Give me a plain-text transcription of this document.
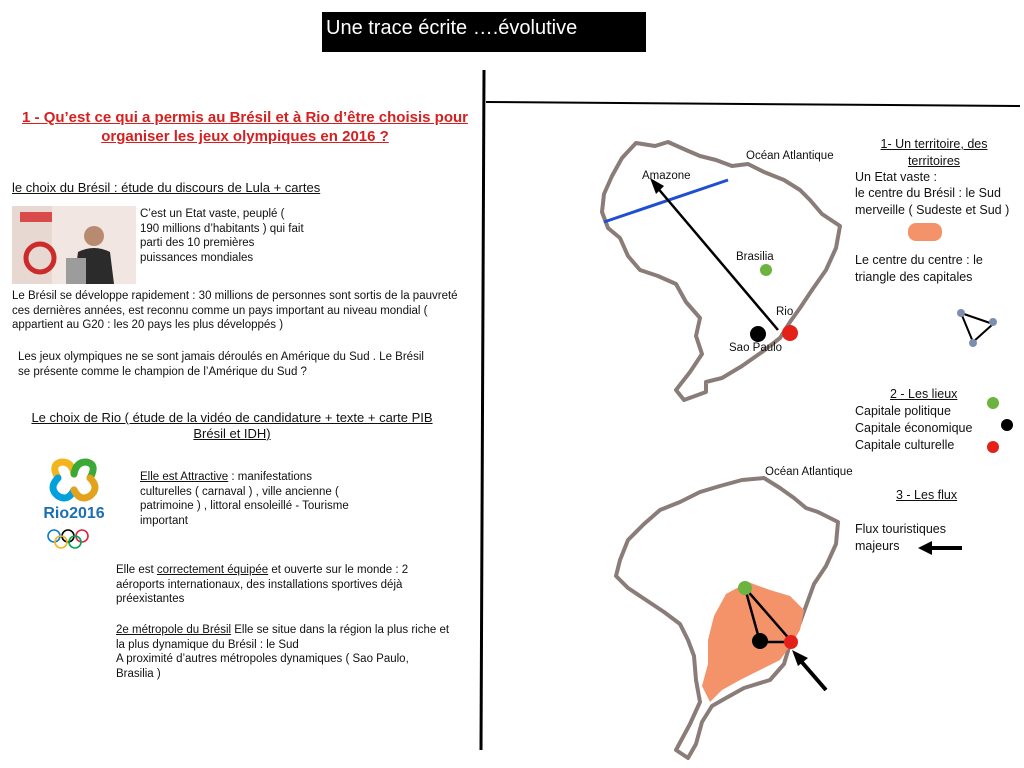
Une trace écrite ….évolutive
1 - Qu’est ce qui a permis au Brésil et à Rio d’être choisis pour organiser les jeux olympiques en 2016 ?
le choix du Brésil : étude du discours de Lula + cartes
C’est un Etat vaste, peuplé ( 190 millions d’habitants ) qui fait parti des 10 premières puissances mondiales
Le Brésil se développe rapidement : 30 millions de personnes sont sortis de la pauvreté ces dernières années, est reconnu comme un pays important au niveau mondial ( appartient au G20 : les 20 pays les plus développés )
Les jeux olympiques ne se sont jamais déroulés en Amérique du Sud . Le Brésil se présente comme le champion de l’Amérique du Sud ?
Le choix de Rio ( étude de la vidéo de candidature + texte + carte PIB Brésil et IDH)
Rio2016
Elle est Attractive : manifestations culturelles ( carnaval ) , ville ancienne ( patrimoine ) , littoral ensoleillé - Tourisme important
Elle est correctement équipée et ouverte sur le monde : 2 aéroports internationaux, des installations sportives déjà préexistantes
2e métropole du Brésil Elle se situe dans la région la plus riche et la plus dynamique du Brésil : le Sud
A proximité d’autres métropoles dynamiques ( Sao Paulo, Brasilia )
Océan Atlantique
Amazone
Brasilia
Rio
Sao Paulo
Océan Atlantique
1- Un territoire, des territoires
Un Etat vaste :
le centre du Brésil : le Sud merveille ( Sudeste et Sud )
Le centre du centre : le triangle des capitales
2 - Les lieux
Capitale politique
Capitale économique
Capitale culturelle
3 - Les flux
Flux touristiques majeurs
